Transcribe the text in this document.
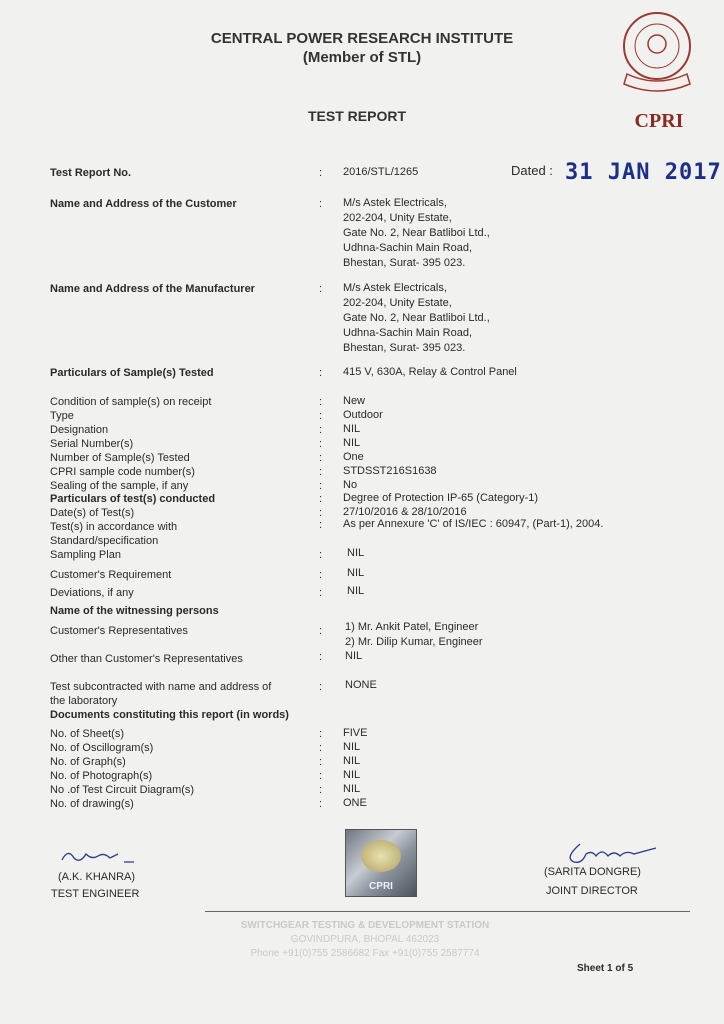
CENTRAL POWER RESEARCH INSTITUTE
(Member of STL)
TEST REPORT	CPRI
Test Report No.	: 2016/STL/1265	Dated : 31 JAN 2017
Name and Address of the Customer	: M/s Astek Electricals,
202-204, Unity Estate,
Gate No. 2, Near Batliboi Ltd.,
Udhna-Sachin Main Road,
Bhestan, Surat- 395 023.
Name and Address of the Manufacturer	: M/s Astek Electricals,
202-204, Unity Estate,
Gate No. 2, Near Batliboi Ltd.,
Udhna-Sachin Main Road,
Bhestan, Surat- 395 023.
Particulars of Sample(s) Tested	: 415 V, 630A, Relay & Control Panel
Condition of sample(s) on receipt	: New
Type	: Outdoor
Designation	: NIL
Serial Number(s)	: NIL
Number of Sample(s) Tested	: One
CPRI sample code number(s)	: STDSST216S1638
Sealing of the sample, if any	: No
Particulars of test(s) conducted	: Degree of Protection IP-65 (Category-1)
Date(s) of Test(s)	: 27/10/2016 & 28/10/2016
Test(s) in accordance with
Standard/specification
: As per Annexure 'C' of IS/IEC : 60947, (Part-1), 2004.
Sampling Plan	: NIL
Customer's Requirement	: NIL
Deviations, if any	: NIL
Name of the witnessing persons
Customer's Representatives	: 1) Mr. Ankit Patel, Engineer
2) Mr. Dilip Kumar, Engineer
Other than Customer's Representatives	: NIL
Test subcontracted with name and address of
the laboratory
: NONE
Documents constituting this report (in words)
No. of Sheet(s)	: FIVE
No. of Oscillogram(s)	: NIL
No. of Graph(s)	: NIL
No. of Photograph(s)	: NIL
No .of Test Circuit Diagram(s)	: NIL
No. of drawing(s)	: ONE
(A.K. KHANRA)
TEST ENGINEER
CPRI
(SARITA DONGRE)
JOINT DIRECTOR
SWITCHGEAR TESTING & DEVELOPMENT STATION
GOVINDPURA, BHOPAL 462023
Phone +91(0)755 2586682 Fax +91(0)755 2587774
Sheet 1 of 5
